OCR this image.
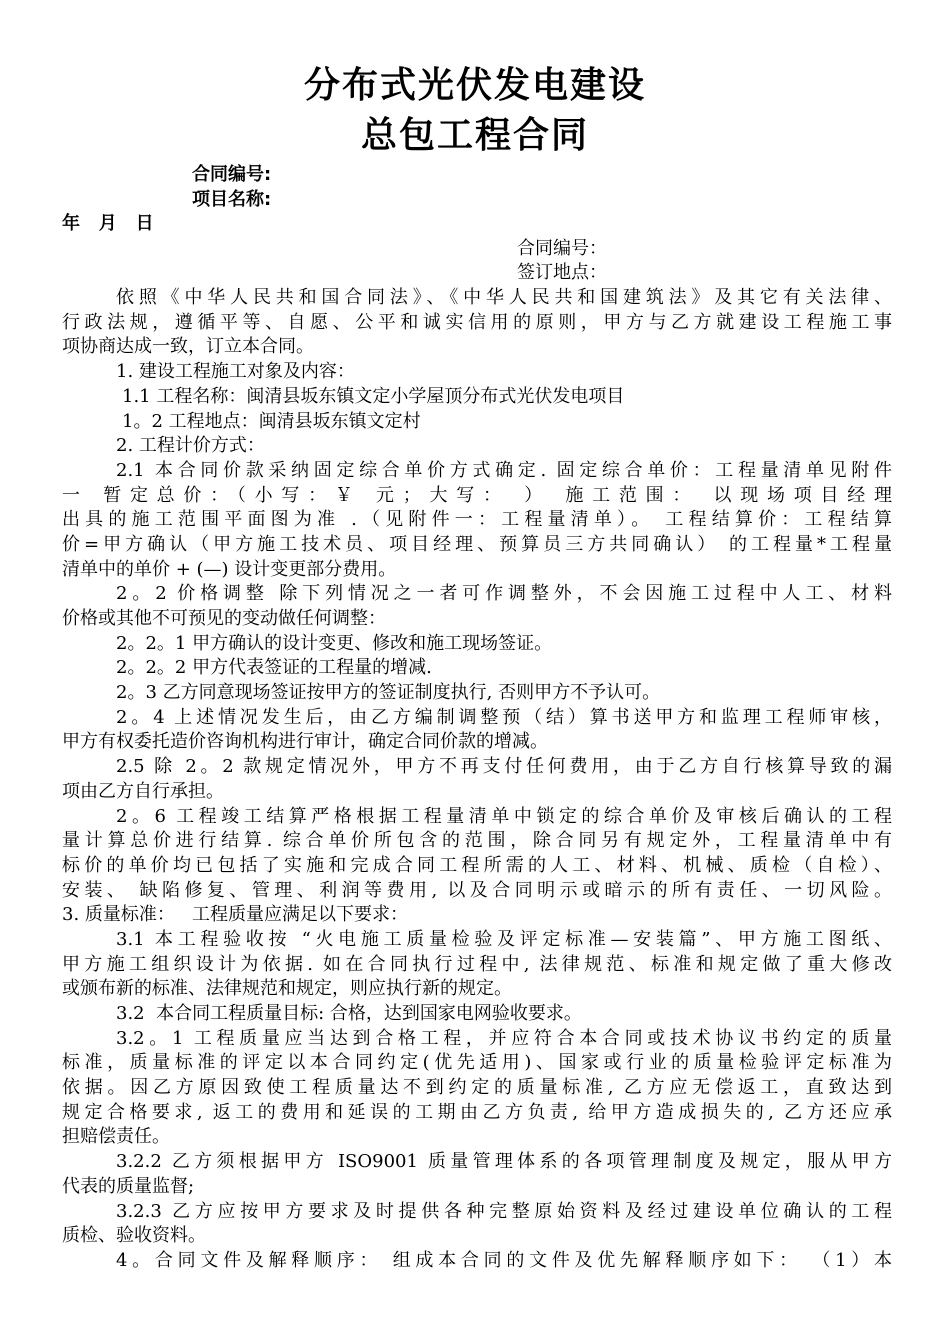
分布式光伏发电建设
总包工程合同
合同编号:
项目名称:
年   月   日

合同编号：

签订地点：

依照《中华人民共和国合同法》、《中华人民共和国建筑法》及其它有关法律、
行政法规，遵循平等、自愿、公平和诚实信用的原则，甲方与乙方就建设工程施工事
项协商达成一致，订立本合同。
1. 建设工程施工对象及内容：
1.1 工程名称：闽清县坂东镇文定小学屋顶分布式光伏发电项目
1。2 工程地点：闽清县坂东镇文定村
2. 工程计价方式：
2.1 本合同价款采纳固定综合单价方式确定. 固定综合单价：工程量清单见附件
一 暂定总价：（小写：￥ 元；大写： ） 施工范围： 以现场项目经理
出具的施工范围平面图为准 .（见附件一：工程量清单）。 工程结算价：工程结算
价=甲方确认（甲方施工技术员、项目经理、预算员三方共同确认） 的工程量*工程量
清单中的单价 + (—) 设计变更部分费用。
2。2 价格调整 除下列情况之一者可作调整外，不会因施工过程中人工、材料
价格或其他不可预见的变动做任何调整：
2。2。1 甲方确认的设计变更、修改和施工现场签证。
2。2。2 甲方代表签证的工程量的增减.
2。3 乙方同意现场签证按甲方的签证制度执行, 否则甲方不予认可。
2。4 上述情况发生后，由乙方编制调整预（结）算书送甲方和监理工程师审核，
甲方有权委托造价咨询机构进行审计，确定合同价款的增减。
2.5 除 2。2 款规定情况外，甲方不再支付任何费用，由于乙方自行核算导致的漏
项由乙方自行承担。
2。6 工程竣工结算严格根据工程量清单中锁定的综合单价及审核后确认的工程
量计算总价进行结算. 综合单价所包含的范围，除合同另有规定外，工程量清单中有
标价的单价均已包括了实施和完成合同工程所需的人工、材料、机械、质检（自检）、
安装、 缺陷修复、管理、利润等费用, 以及合同明示或暗示的所有责任、一切风险。
3. 质量标准：   工程质量应满足以下要求：
3.1 本工程验收按 “火电施工质量检验及评定标准—安装篇”、甲方施工图纸、
甲方施工组织设计为依据. 如在合同执行过程中, 法律规范、标准和规定做了重大修改
或颁布新的标准、法律规范和规定，则应执行新的规定。
3.2  本合同工程质量目标: 合格，达到国家电网验收要求。
3.2。1 工程质量应当达到合格工程，并应符合本合同或技术协议书约定的质量
标准，质量标准的评定以本合同约定(优先适用)、国家或行业的质量检验评定标准为
依据。因乙方原因致使工程质量达不到约定的质量标准, 乙方应无偿返工，直致达到
规定合格要求, 返工的费用和延误的工期由乙方负责, 给甲方造成损失的, 乙方还应承
担赔偿责任。
3.2.2 乙方须根据甲方 ISO9001 质量管理体系的各项管理制度及规定，服从甲方
代表的质量监督;
3.2.3 乙方应按甲方要求及时提供各种完整原始资料及经过建设单位确认的工程
质检、验收资料。
4。合同文件及解释顺序： 组成本合同的文件及优先解释顺序如下： （1）本
